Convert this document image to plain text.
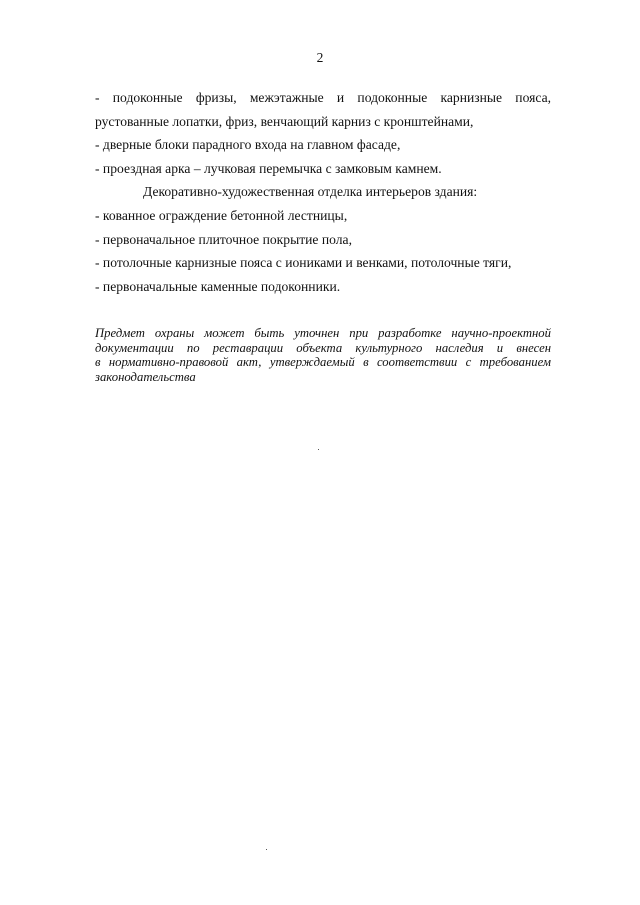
2
- подоконные фризы, межэтажные и подоконные карнизные пояса,
рустованные лопатки, фриз, венчающий карниз с кронштейнами,
- дверные блоки парадного входа на главном фасаде,
- проездная арка – лучковая перемычка с замковым камнем.
Декоративно-художественная отделка интерьеров здания:
- кованное ограждение бетонной лестницы,
- первоначальное плиточное покрытие пола,
- потолочные карнизные пояса с иониками и венками, потолочные тяги,
- первоначальные каменные подоконники.
Предмет охраны может быть уточнен при разработке научно-проектной
документации по реставрации объекта культурного наследия и внесен
в нормативно-правовой акт, утверждаемый в соответствии с требованием
законодательства
